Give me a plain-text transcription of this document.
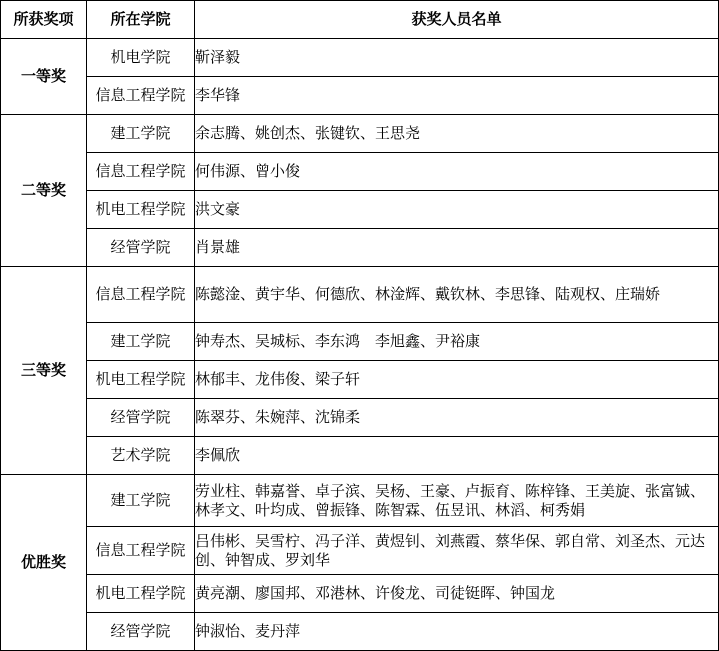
所获奖项	所在学院	获奖人员名单
一等奖	机电学院	靳泽毅
	信息工程学院	李华锋
二等奖	建工学院	余志腾、姚创杰、张键钦、王思尧
	信息工程学院	何伟源、曾小俊
	机电工程学院	洪文豪
	经管学院	肖景雄
三等奖	信息工程学院	陈懿淦、黄宇华、何德欣、林淦辉、戴钦林、李思锋、陆观权、庄瑞娇
	建工学院	钟寿杰、吴城标、李东鸿　李旭鑫、尹裕康
	机电工程学院	林郁丰、龙伟俊、梁子轩
	经管学院	陈翠芬、朱婉萍、沈锦柔
	艺术学院	李佩欣
优胜奖	建工学院	劳业柱、韩嘉誉、卓子滨、吴杨、王豪、卢振育、陈梓锋、王美旋、张富铖、林孝文、叶均成、曾振锋、陈智霖、伍昱讯、林滔、柯秀娟
	信息工程学院	吕伟彬、吴雪柠、冯子洋、黄煜钊、刘燕霞、蔡华保、郭自常、刘圣杰、元达创、钟智成、罗刘华
	机电工程学院	黄亮潮、廖国邦、邓港林、许俊龙、司徒铤晖、钟国龙
	经管学院	钟淑怡、麦丹萍
